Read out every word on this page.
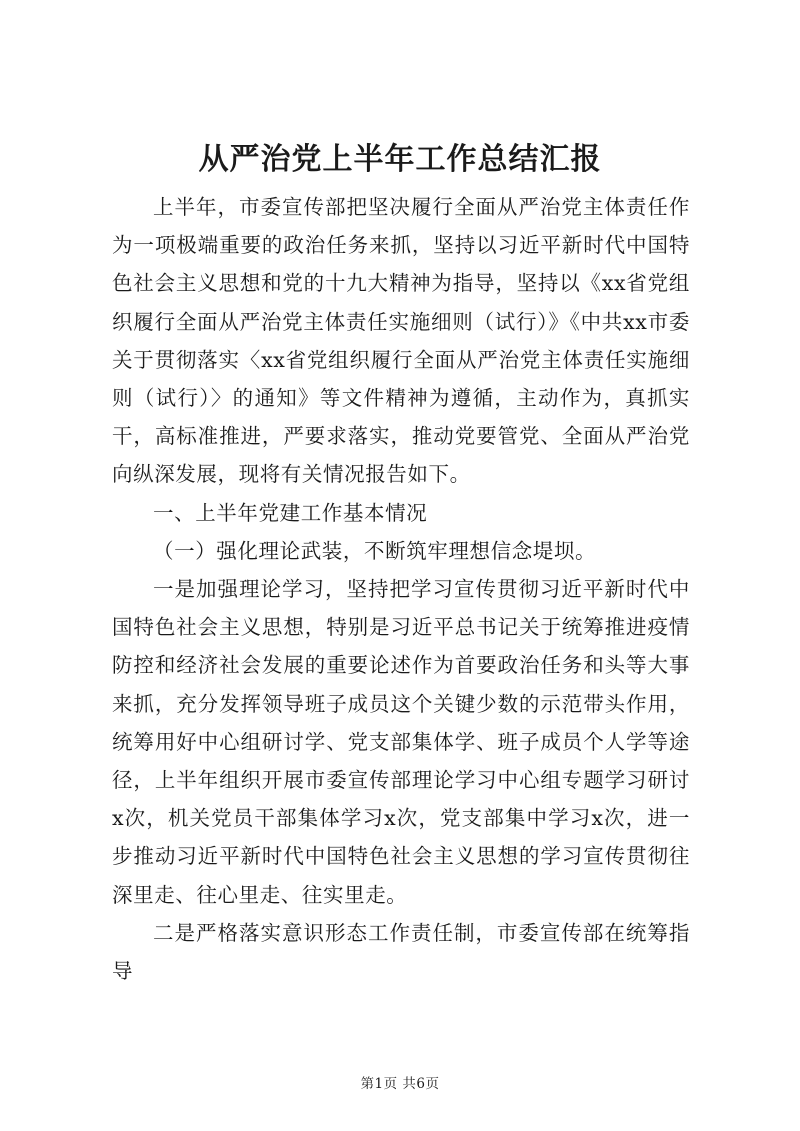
从严治党上半年工作总结汇报

上半年，市委宣传部把坚决履行全面从严治党主体责任作为一项极端重要的政治任务来抓，坚持以习近平新时代中国特色社会主义思想和党的十九大精神为指导，坚持以《xx省党组织履行全面从严治党主体责任实施细则（试行）》《中共xx市委关于贯彻落实〈xx省党组织履行全面从严治党主体责任实施细则（试行）〉的通知》等文件精神为遵循，主动作为，真抓实干，高标准推进，严要求落实，推动党要管党、全面从严治党向纵深发展，现将有关情况报告如下。

一、上半年党建工作基本情况

（一）强化理论武装，不断筑牢理想信念堤坝。

一是加强理论学习，坚持把学习宣传贯彻习近平新时代中国特色社会主义思想，特别是习近平总书记关于统筹推进疫情防控和经济社会发展的重要论述作为首要政治任务和头等大事来抓，充分发挥领导班子成员这个关键少数的示范带头作用，统筹用好中心组研讨学、党支部集体学、班子成员个人学等途径，上半年组织开展市委宣传部理论学习中心组专题学习研讨x次，机关党员干部集体学习x次，党支部集中学习x次，进一步推动习近平新时代中国特色社会主义思想的学习宣传贯彻往深里走、往心里走、往实里走。

二是严格落实意识形态工作责任制，市委宣传部在统筹指导

第1页 共6页
